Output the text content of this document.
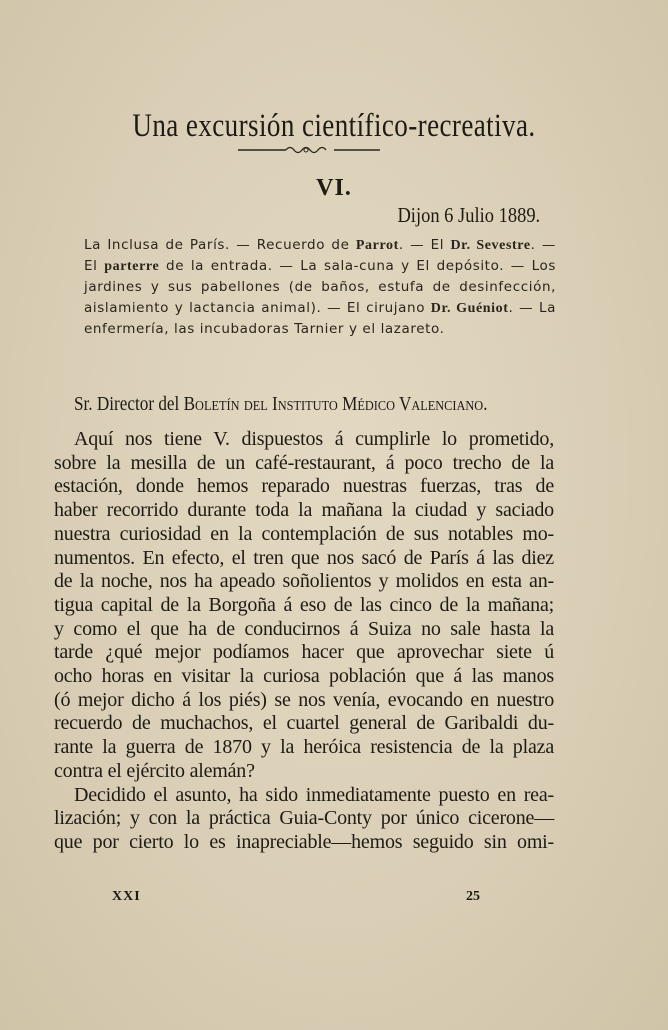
Una excursión científico-recreativa.
VI.
Dijon 6 Julio 1889.
La Inclusa de París. — Recuerdo de Parrot. — El Dr. Sevestre. — El parterre de la entrada. — La sala-cuna y El depósito. — Los jardines y sus pabellones (de baños, estufa de desinfección, aislamiento y lactancia animal). — El cirujano Dr. Guéniot. — La enfermería, las incubadoras Tarnier y el lazareto.
Sr. Director del Boletín del Instituto Médico Valenciano.
Aquí nos tiene V. dispuestos á cumplirle lo prometido,
sobre la mesilla de un café-restaurant, á poco trecho de la
estación, donde hemos reparado nuestras fuerzas, tras de
haber recorrido durante toda la mañana la ciudad y saciado
nuestra curiosidad en la contemplación de sus notables mo-
numentos. En efecto, el tren que nos sacó de París á las diez
de la noche, nos ha apeado soñolientos y molidos en esta an-
tigua capital de la Borgoña á eso de las cinco de la mañana;
y como el que ha de conducirnos á Suiza no sale hasta la
tarde ¿qué mejor podíamos hacer que aprovechar siete ú
ocho horas en visitar la curiosa población que á las manos
(ó mejor dicho á los piés) se nos venía, evocando en nuestro
recuerdo de muchachos, el cuartel general de Garibaldi du-
rante la guerra de 1870 y la heróica resistencia de la plaza
contra el ejército alemán?
Decidido el asunto, ha sido inmediatamente puesto en rea-
lización; y con la práctica Guia-Conty por único cicerone—
que por cierto lo es inapreciable—hemos seguido sin omi-
XXI	25
